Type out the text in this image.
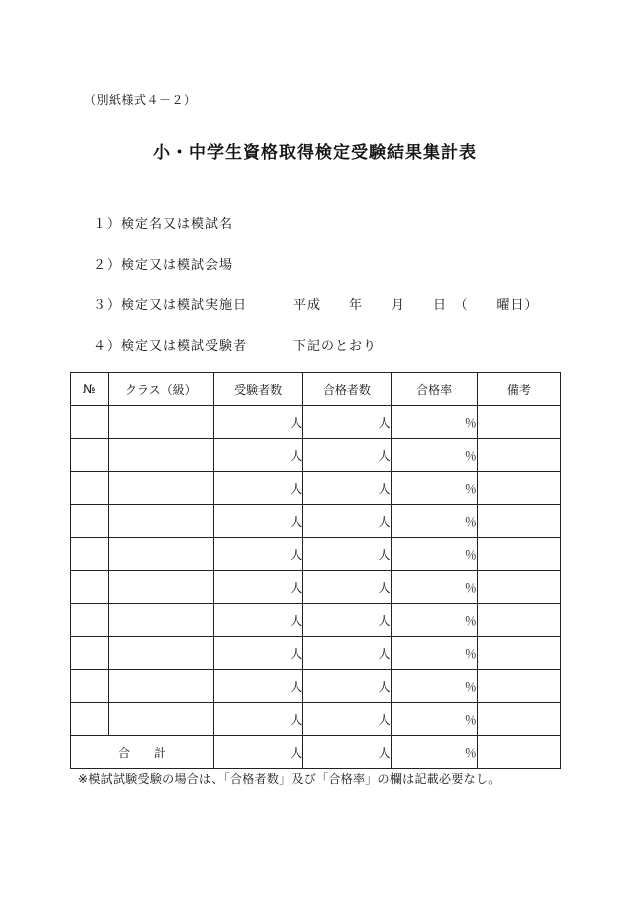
（別紙様式４－２）
小・中学生資格取得検定受験結果集計表
１）検定名又は模試名
２）検定又は模試会場
３）検定又は模試実施日	平成　　年　　月　　日　（　　曜日）
４）検定又は模試受験者	下記のとおり
№	クラス（級）	受験者数	合格者数	合格率	備考
		人	人	％	
		人	人	％	
		人	人	％	
		人	人	％	
		人	人	％	
		人	人	％	
		人	人	％	
		人	人	％	
		人	人	％	
		人	人	％	
合　　計		人	人	％	
※模試試験受験の場合は、「合格者数」及び「合格率」の欄は記載必要なし。
